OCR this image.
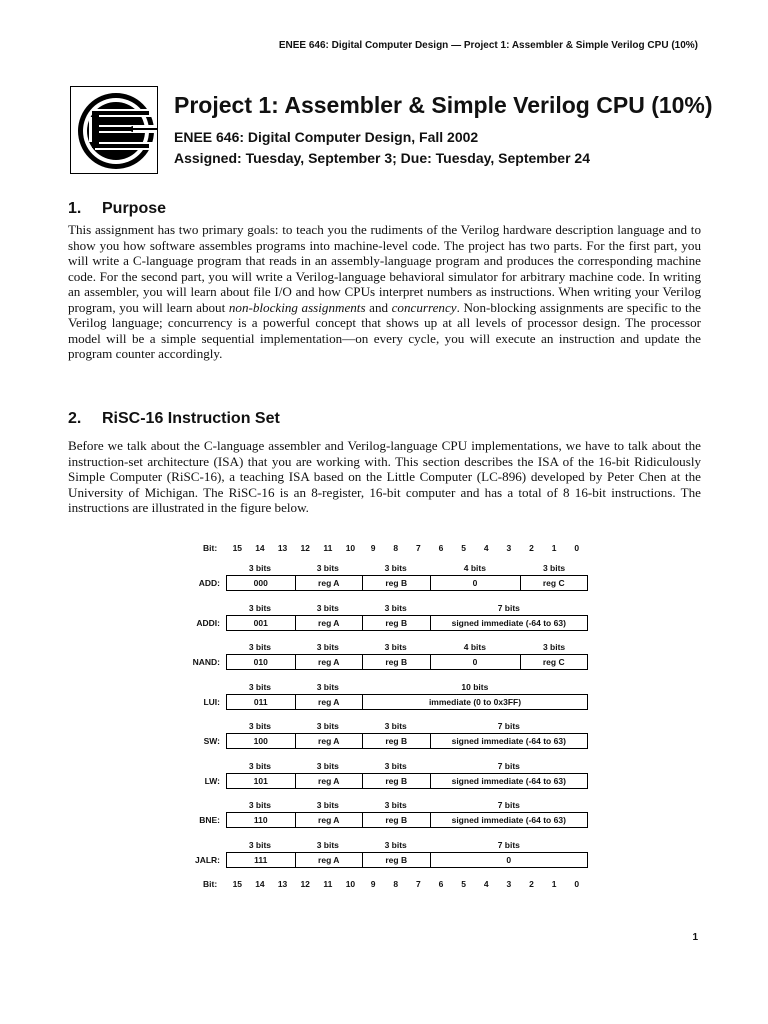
ENEE 646: Digital Computer Design — Project 1: Assembler & Simple Verilog CPU (10%)
Project 1: Assembler & Simple Verilog CPU (10%)
ENEE 646: Digital Computer Design, Fall 2002
Assigned: Tuesday, September 3; Due: Tuesday, September 24
1. Purpose

This assignment has two primary goals: to teach you the rudiments of the Verilog hardware description language and to show you how software assembles programs into machine-level code. The project has two parts. For the first part, you will write a C-language program that reads in an assembly-language program and produces the corresponding machine code. For the second part, you will write a Verilog-language behavioral simulator for arbitrary machine code. In writing an assembler, you will learn about file I/O and how CPUs interpret numbers as instructions. When writing your Verilog program, you will learn about non-blocking assignments and concurrency. Non-blocking assignments are specific to the Verilog language; concurrency is a powerful concept that shows up at all levels of processor design. The processor model will be a simple sequential implementation—on every cycle, you will execute an instruction and update the program counter accordingly.

2. RiSC-16 Instruction Set

Before we talk about the C-language assembler and Verilog-language CPU implementations, we have to talk about the instruction-set architecture (ISA) that you are working with. This section describes the ISA of the 16-bit Ridiculously Simple Computer (RiSC-16), a teaching ISA based on the Little Computer (LC-896) developed by Peter Chen at the University of Michigan. The RiSC-16 is an 8-register, 16-bit computer and has a total of 8 16-bit instructions. The instructions are illustrated in the figure below.

Bit: 15 14 13 12 11 10 9 8 7 6 5 4 3 2 1 0
3 bits	3 bits	3 bits	4 bits	3 bits
000	reg A	reg B	0	reg C
ADD:
3 bits	3 bits	3 bits	7 bits
001	reg A	reg B	signed immediate (-64 to 63)
ADDI:
3 bits	3 bits	3 bits	4 bits	3 bits
010	reg A	reg B	0	reg C
NAND:
3 bits	3 bits	10 bits
011	reg A	immediate (0 to 0x3FF)
LUI:
3 bits	3 bits	3 bits	7 bits
100	reg A	reg B	signed immediate (-64 to 63)
SW:
3 bits	3 bits	3 bits	7 bits
101	reg A	reg B	signed immediate (-64 to 63)
LW:
3 bits	3 bits	3 bits	7 bits
110	reg A	reg B	signed immediate (-64 to 63)
BNE:
3 bits	3 bits	3 bits	7 bits
111	reg A	reg B	0
JALR:
Bit: 15 14 13 12 11 10 9 8 7 6 5 4 3 2 1 0
1
